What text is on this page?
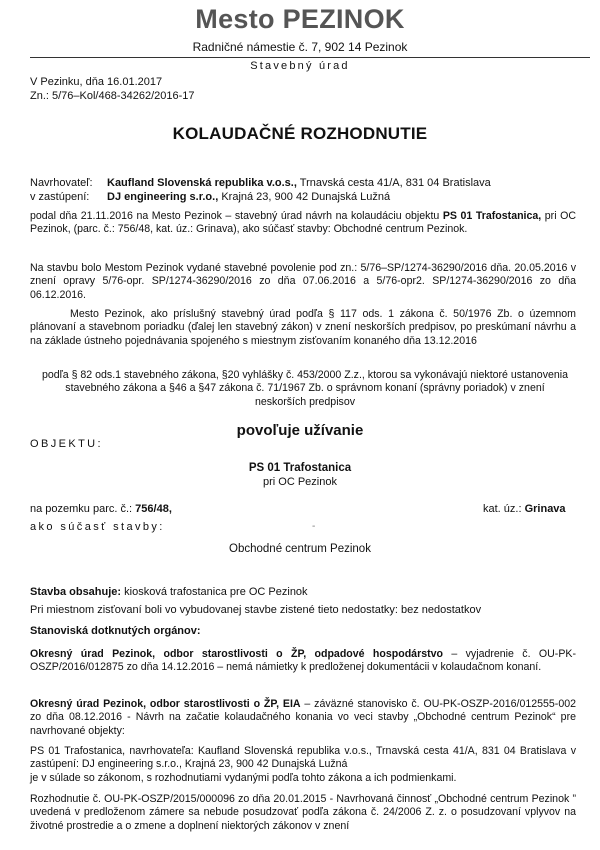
Mesto PEZINOK
Radničné námestie č. 7, 902 14 Pezinok
Stavebný úrad
V Pezinku, dňa 16.01.2017
Zn.: 5/76–Kol/468-34262/2016-17
KOLAUDAČNÉ ROZHODNUTIE
Navrhovateľ: Kaufland Slovenská republika v.o.s., Trnavská cesta 41/A, 831 04 Bratislava
v zastúpení: DJ engineering s.r.o., Krajná 23, 900 42 Dunajská Lužná
podal dňa 21.11.2016 na Mesto Pezinok – stavebný úrad návrh na kolaudáciu objektu PS 01 Trafostanica, pri OC Pezinok, (parc. č.: 756/48, kat. úz.: Grinava), ako súčasť stavby: Obchodné centrum Pezinok.
Na stavbu bolo Mestom Pezinok vydané stavebné povolenie pod zn.: 5/76–SP/1274-36290/2016 dňa. 20.05.2016 v znení opravy 5/76-opr. SP/1274-36290/2016 zo dňa 07.06.2016 a 5/76-opr2. SP/1274-36290/2016 zo dňa 06.12.2016.
Mesto Pezinok, ako príslušný stavebný úrad podľa § 117 ods. 1 zákona č. 50/1976 Zb. o územnom plánovaní a stavebnom poriadku (ďalej len stavebný zákon) v znení neskorších predpisov, po preskúmaní návrhu a na základe ústneho pojednávania spojeného s miestnym zisťovaním konaného dňa 13.12.2016
podľa § 82 ods.1 stavebného zákona, §20 vyhlášky č. 453/2000 Z.z., ktorou sa vykonávajú niektoré ustanovenia stavebného zákona a §46 a §47 zákona č. 71/1967 Zb. o správnom konaní (správny poriadok) v znení neskorších predpisov
povoľuje užívanie
OBJEKTU:
PS 01 Trafostanica
pri OC Pezinok
na pozemku parc. č.: 756/48,	kat. úz.: Grinava
ako súčasť stavby:	-
Obchodné centrum Pezinok
Stavba obsahuje: kiosková trafostanica pre OC Pezinok
Pri miestnom zisťovaní boli vo vybudovanej stavbe zistené tieto nedostatky: bez nedostatkov
Stanoviská dotknutých orgánov:
Okresný úrad Pezinok, odbor starostlivosti o ŽP, odpadové hospodárstvo – vyjadrenie č. OU-PK-OSZP/2016/012875 zo dňa 14.12.2016 – nemá námietky k predloženej dokumentácii v kolaudačnom konaní.
Okresný úrad Pezinok, odbor starostlivosti o ŽP, EIA – záväzné stanovisko č. OU-PK-OSZP-2016/012555-002 zo dňa 08.12.2016 - Návrh na začatie kolaudačného konania vo veci stavby „Obchodné centrum Pezinok“ pre navrhované objekty:
PS 01 Trafostanica, navrhovateľa: Kaufland Slovenská republika v.o.s., Trnavská cesta 41/A, 831 04 Bratislava v zastúpení: DJ engineering s.r.o., Krajná 23, 900 42 Dunajská Lužná
je v súlade so zákonom, s rozhodnutiami vydanými podľa tohto zákona a ich podmienkami.
Rozhodnutie č. OU-PK-OSZP/2015/000096 zo dňa 20.01.2015 - Navrhovaná činnosť „Obchodné centrum Pezinok ” uvedená v predloženom zámere sa nebude posudzovať podľa zákona č. 24/2006 Z. z. o posudzovaní vplyvov na životné prostredie a o zmene a doplnení niektorých zákonov v znení
